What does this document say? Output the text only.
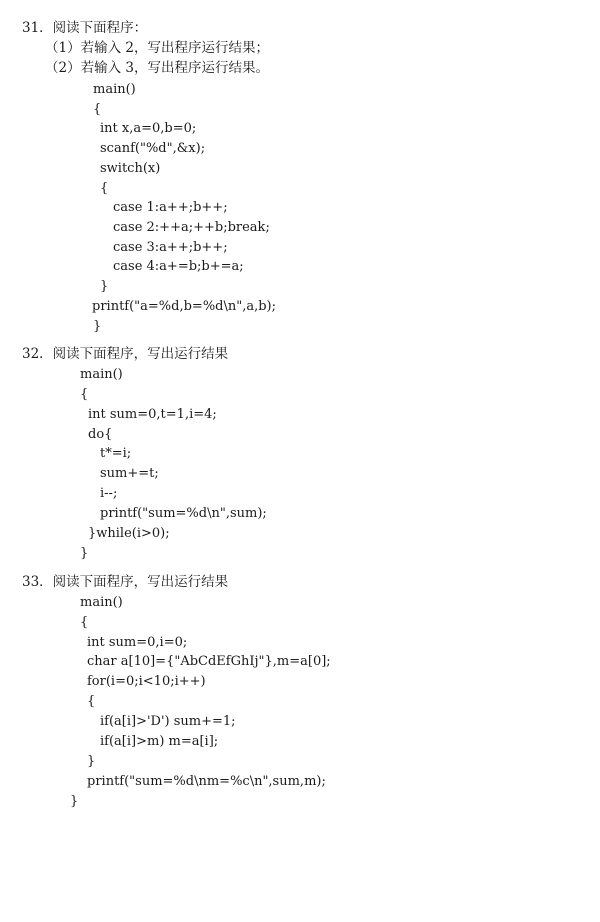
31．阅读下面程序：
（1）若输入 2，写出程序运行结果；
（2）若输入 3，写出程序运行结果。
main()
{
int x,a=0,b=0;
scanf("%d",&x);
switch(x)
{
case 1:a++;b++;
case 2:++a;++b;break;
case 3:a++;b++;
case 4:a+=b;b+=a;
}
printf("a=%d,b=%d\n",a,b);
}
32．阅读下面程序，写出运行结果
main()
{
int sum=0,t=1,i=4;
do{
t*=i;
sum+=t;
i--;
printf("sum=%d\n",sum);
}while(i>0);
}
33．阅读下面程序，写出运行结果
main()
{
int sum=0,i=0;
char a[10]={"AbCdEfGhIj"},m=a[0];
for(i=0;i<10;i++)
{
if(a[i]>'D') sum+=1;
if(a[i]>m) m=a[i];
}
printf("sum=%d\nm=%c\n",sum,m);
}
